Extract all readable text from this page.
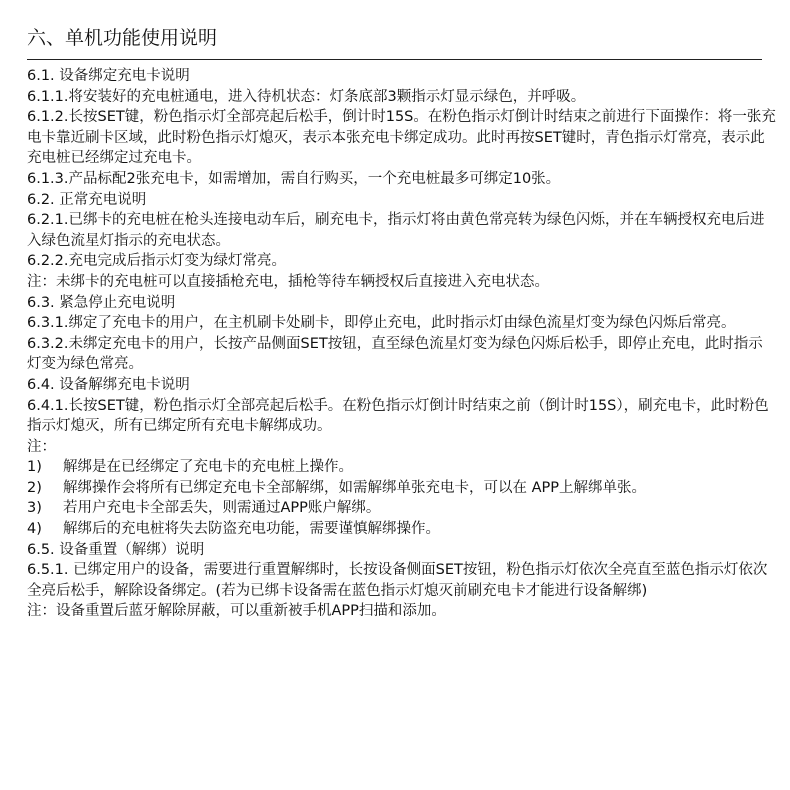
六、单机功能使用说明

6.1. 设备绑定充电卡说明

6.1.1.将安装好的充电桩通电，进入待机状态：灯条底部3颗指示灯显示绿色，并呼吸。

6.1.2.长按SET键，粉色指示灯全部亮起后松手，倒计时15S。在粉色指示灯倒计时结束之前进行下面操作：将一张充电卡靠近刷卡区域，此时粉色指示灯熄灭，表示本张充电卡绑定成功。此时再按SET键时，青色指示灯常亮，表示此充电桩已经绑定过充电卡。

6.1.3.产品标配2张充电卡，如需增加，需自行购买，一个充电桩最多可绑定10张。

6.2. 正常充电说明

6.2.1.已绑卡的充电桩在枪头连接电动车后，刷充电卡，指示灯将由黄色常亮转为绿色闪烁，并在车辆授权充电后进入绿色流星灯指示的充电状态。

6.2.2.充电完成后指示灯变为绿灯常亮。

注：未绑卡的充电桩可以直接插枪充电，插枪等待车辆授权后直接进入充电状态。

6.3. 紧急停止充电说明

6.3.1.绑定了充电卡的用户，在主机刷卡处刷卡，即停止充电，此时指示灯由绿色流星灯变为绿色闪烁后常亮。

6.3.2.未绑定充电卡的用户，长按产品侧面SET按钮，直至绿色流星灯变为绿色闪烁后松手，即停止充电，此时指示灯变为绿色常亮。

6.4. 设备解绑充电卡说明

6.4.1.长按SET键，粉色指示灯全部亮起后松手。在粉色指示灯倒计时结束之前（倒计时15S），刷充电卡，此时粉色指示灯熄灭，所有已绑定所有充电卡解绑成功。

注：

1)	解绑是在已经绑定了充电卡的充电桩上操作。
2)	解绑操作会将所有已绑定充电卡全部解绑，如需解绑单张充电卡，可以在 APP上解绑单张。
3)	若用户充电卡全部丢失，则需通过APP账户解绑。
4)	解绑后的充电桩将失去防盗充电功能，需要谨慎解绑操作。

6.5. 设备重置（解绑）说明

6.5.1. 已绑定用户的设备，需要进行重置解绑时，长按设备侧面SET按钮，粉色指示灯依次全亮直至蓝色指示灯依次全亮后松手，解除设备绑定。(若为已绑卡设备需在蓝色指示灯熄灭前刷充电卡才能进行设备解绑)

注：设备重置后蓝牙解除屏蔽，可以重新被手机APP扫描和添加。
